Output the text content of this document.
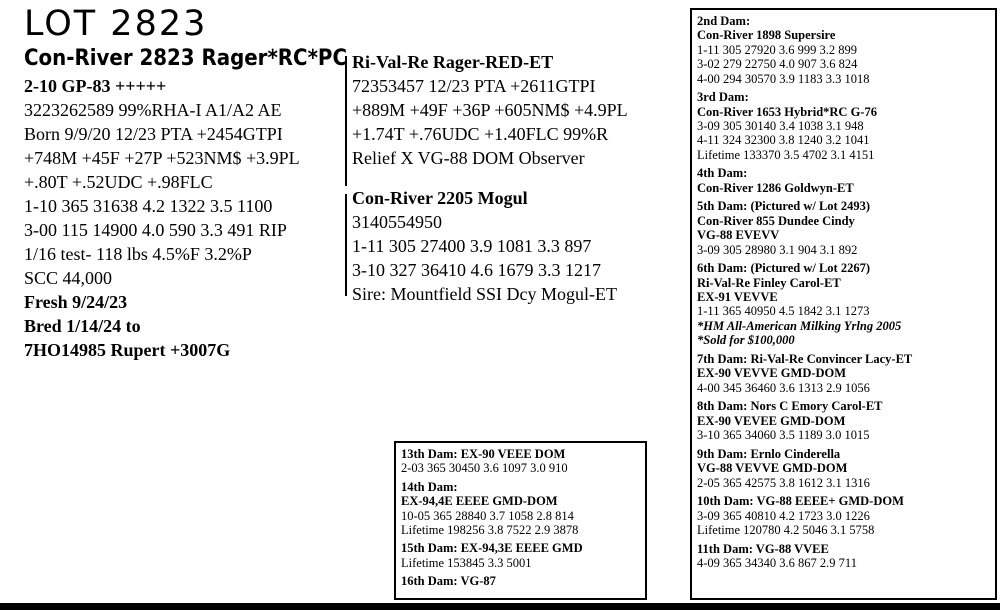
LOT 2823
Con-River 2823 Rager*RC*PC
2-10 GP-83 +++++
3223262589 99%RHA-I A1/A2 AE
Born 9/9/20 12/23 PTA +2454GTPI
+748M +45F +27P +523NM$ +3.9PL
+.80T +.52UDC +.98FLC
1-10 365 31638 4.2 1322 3.5 1100
3-00 115 14900 4.0 590 3.3 491 RIP
1/16 test- 118 lbs 4.5%F 3.2%P
SCC 44,000
Fresh 9/24/23
Bred 1/14/24 to
7HO14985 Rupert +3007G
Ri-Val-Re Rager-RED-ET
72353457 12/23 PTA +2611GTPI
+889M +49F +36P +605NM$ +4.9PL
+1.74T +.76UDC +1.40FLC 99%R
Relief X VG-88 DOM Observer
Con-River 2205 Mogul
3140554950
1-11 305 27400 3.9 1081 3.3 897
3-10 327 36410 4.6 1679 3.3 1217
Sire: Mountfield SSI Dcy Mogul-ET
2nd Dam:
Con-River 1898 Supersire
1-11 305 27920 3.6 999 3.2 899
3-02 279 22750 4.0 907 3.6 824
4-00 294 30570 3.9 1183 3.3 1018
3rd Dam:
Con-River 1653 Hybrid*RC G-76
3-09 305 30140 3.4 1038 3.1 948
4-11 324 32300 3.8 1240 3.2 1041
Lifetime 133370 3.5 4702 3.1 4151
4th Dam:
Con-River 1286 Goldwyn-ET
5th Dam: (Pictured w/ Lot 2493)
Con-River 855 Dundee Cindy
VG-88 EVEVV
3-09 305 28980 3.1 904 3.1 892
6th Dam: (Pictured w/ Lot 2267)
Ri-Val-Re Finley Carol-ET
EX-91 VEVVE
1-11 365 40950 4.5 1842 3.1 1273
*HM All-American Milking Yrlng 2005
*Sold for $100,000
7th Dam: Ri-Val-Re Convincer Lacy-ET
EX-90 VEVVE GMD-DOM
4-00 345 36460 3.6 1313 2.9 1056
8th Dam: Nors C Emory Carol-ET
EX-90 VEVEE GMD-DOM
3-10 365 34060 3.5 1189 3.0 1015
9th Dam: Ernlo Cinderella
VG-88 VEVVE GMD-DOM
2-05 365 42575 3.8 1612 3.1 1316
10th Dam: VG-88 EEEE+ GMD-DOM
3-09 365 40810 4.2 1723 3.0 1226
Lifetime 120780 4.2 5046 3.1 5758
11th Dam: VG-88 VVEE
4-09 365 34340 3.6 867 2.9 711
13th Dam: EX-90 VEEE DOM
2-03 365 30450 3.6 1097 3.0 910
14th Dam:
EX-94,4E EEEE GMD-DOM
10-05 365 28840 3.7 1058 2.8 814
Lifetime 198256 3.8 7522 2.9 3878
15th Dam: EX-94,3E EEEE GMD
Lifetime 153845 3.3 5001
16th Dam: VG-87
